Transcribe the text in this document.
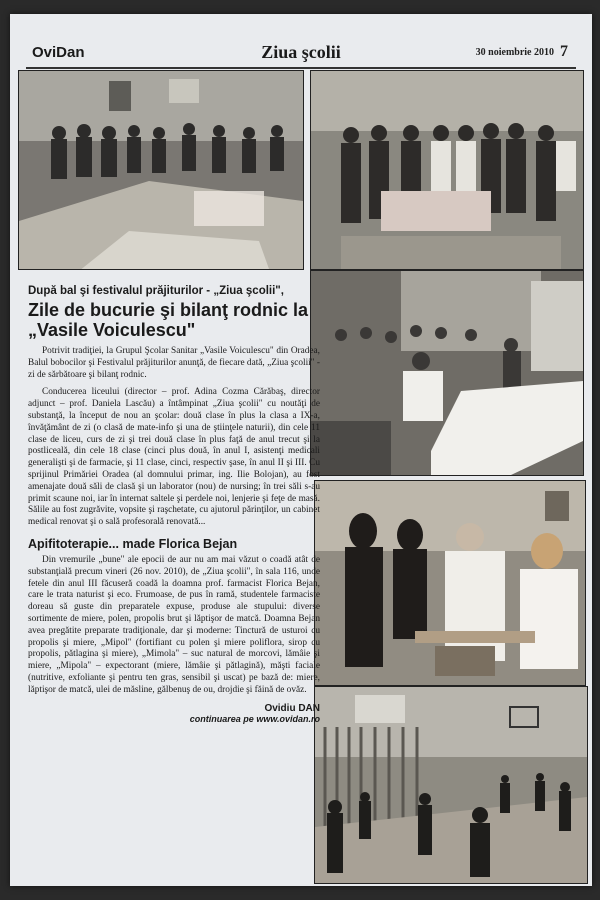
OviDan	Ziua şcolii	30 noiembrie 2010 7

După bal şi festivalul prăjiturilor - „Ziua şcolii",

Zile de bucurie şi bilanţ rodnic la „Vasile Voiculescu"

Potrivit tradiţiei, la Grupul Şcolar Sanitar „Vasile Voiculescu" din Oradea, Balul bobocilor şi Festivalul prăjiturilor anunţă, de fiecare dată, „Ziua şcolii" - zi de sărbătoare şi bilanţ rodnic.

Conducerea liceului (director – prof. Adina Cozma Cărăbaş, director adjunct – prof. Daniela Lascău) a întâmpinat „Ziua şcolii" cu noutăţi de substanţă, la început de nou an şcolar: două clase în plus la clasa a IX-a, învăţământ de zi (o clasă de mate-info şi una de ştiinţele naturii), din cele 11 clase de liceu, curs de zi şi trei două clase în plus faţă de anul trecut şi la postliceală, din cele 18 clase (cinci plus două, în anul I, asistenţi medicali generalişti şi de farmacie, şi 11 clase, cinci, respectiv şase, în anul II şi III. Cu sprijinul Primăriei Oradea (al domnului primar, ing. Ilie Bolojan), au fost amenajate două săli de clasă şi un laborator (nou) de nursing; în trei săli s-au primit scaune noi, iar în internat saltele şi perdele noi, lenjerie şi feţe de masă. Sălile au fost zugrăvite, vopsite şi raşchetate, cu ajutorul părinţilor, un cabinet medical renovat şi o sală profesorală renovată...

Apifitoterapie... made Florica Bejan

Din vremurile „bune" ale epocii de aur nu am mai văzut o coadă atât de substanţială precum vineri (26 nov. 2010), de „Ziua şcolii", în sala 116, unde fetele din anul III făcuseră coadă la doamna prof. farmacist Florica Bejan, care le trata naturist şi eco. Frumoase, de pus în ramă, studentele farmaciste doreau să guste din preparatele expuse, produse ale stupului: diverse sortimente de miere, polen, propolis brut şi lăptişor de matcă. Doamna Bejan avea pregătite preparate tradiţionale, dar şi moderne: Tinctură de usturoi cu propolis şi miere, „Mipol" (fortifiant cu polen şi miere poliflora, sirop cu propolis, pătlagina şi miere), „Mimola" – suc natural de morcovi, lămâie şi miere, „Mipola" – expectorant (miere, lămâie şi pătlagină), măşti faciale (nutritive, exfoliante şi pentru ten gras, sensibil şi uscat) pe bază de: miere, lăptişor de matcă, ulei de măsline, gălbenuş de ou, drojdie şi făină de ovăz.

Ovidiu DAN

continuarea pe www.ovidan.ro
